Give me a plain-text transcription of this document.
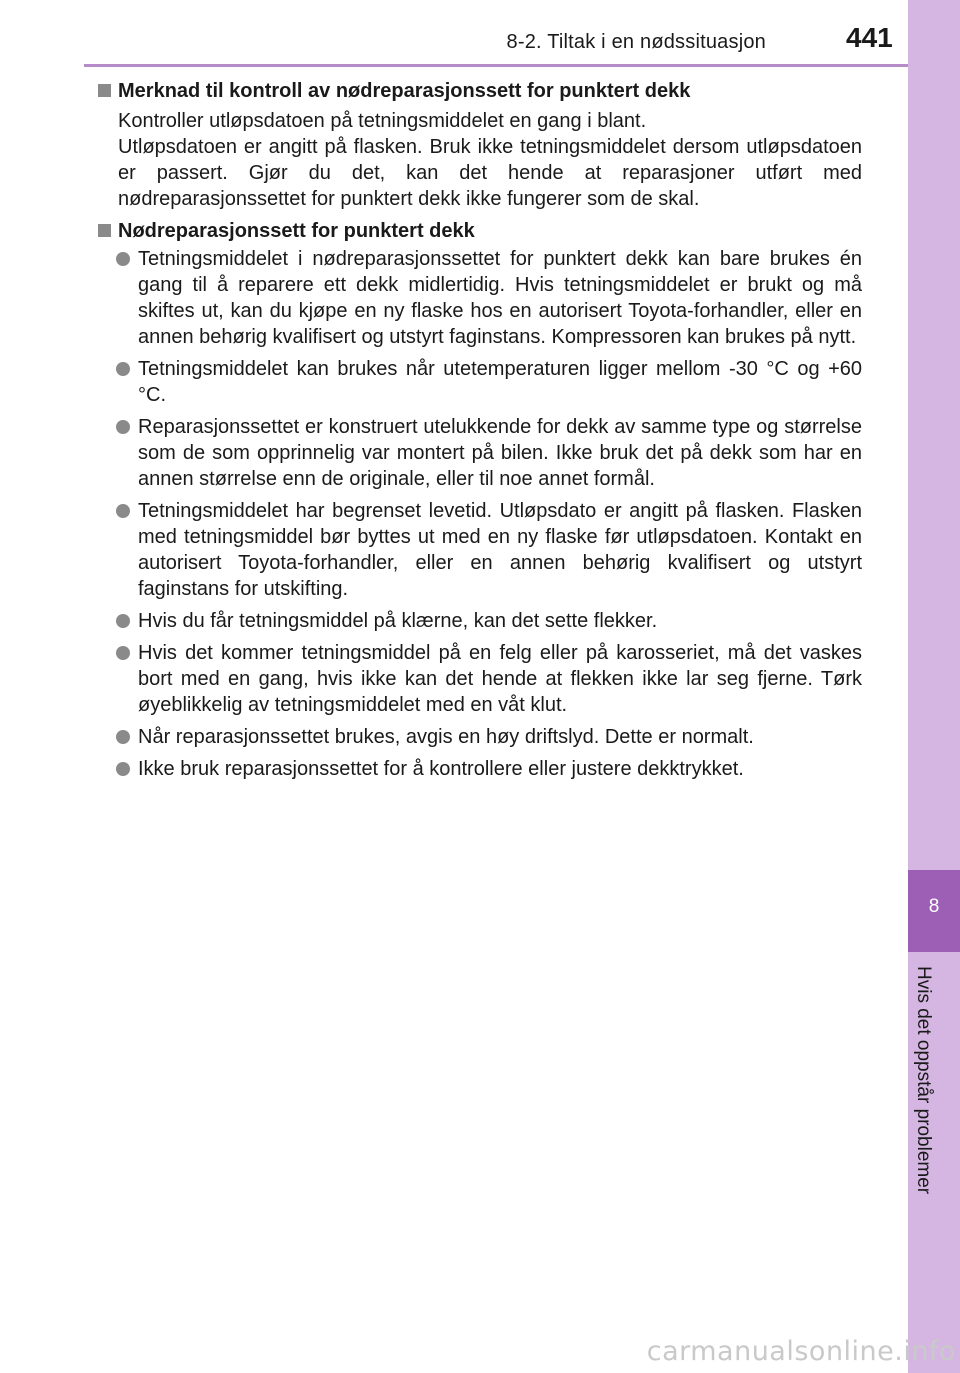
8-2. Tiltak i en nødssituasjon	441
8
Hvis det oppstår problemer
Merknad til kontroll av nødreparasjonssett for punktert dekk

Kontroller utløpsdatoen på tetningsmiddelet en gang i blant.

Utløpsdatoen er angitt på flasken. Bruk ikke tetningsmiddelet dersom utløpsdatoen er passert. Gjør du det, kan det hende at reparasjoner utført med nødreparasjonssettet for punktert dekk ikke fungerer som de skal.

Nødreparasjonssett for punktert dekk
Tetningsmiddelet i nødreparasjonssettet for punktert dekk kan bare brukes én gang til å reparere ett dekk midlertidig. Hvis tetningsmiddelet er brukt og må skiftes ut, kan du kjøpe en ny flaske hos en autorisert Toyota-forhandler, eller en annen behørig kvalifisert og utstyrt faginstans. Kompressoren kan brukes på nytt.
Tetningsmiddelet kan brukes når utetemperaturen ligger mellom -30 °C og +60 °C.
Reparasjonssettet er konstruert utelukkende for dekk av samme type og størrelse som de som opprinnelig var montert på bilen. Ikke bruk det på dekk som har en annen størrelse enn de originale, eller til noe annet formål.
Tetningsmiddelet har begrenset levetid. Utløpsdato er angitt på flasken. Flasken med tetningsmiddel bør byttes ut med en ny flaske før utløpsdatoen. Kontakt en autorisert Toyota-forhandler, eller en annen behørig kvalifisert og utstyrt faginstans for utskifting.
Hvis du får tetningsmiddel på klærne, kan det sette flekker.
Hvis det kommer tetningsmiddel på en felg eller på karosseriet, må det vaskes bort med en gang, hvis ikke kan det hende at flekken ikke lar seg fjerne. Tørk øyeblikkelig av tetningsmiddelet med en våt klut.
Når reparasjonssettet brukes, avgis en høy driftslyd. Dette er normalt.
Ikke bruk reparasjonssettet for å kontrollere eller justere dekktrykket.
carmanualsonline.info
